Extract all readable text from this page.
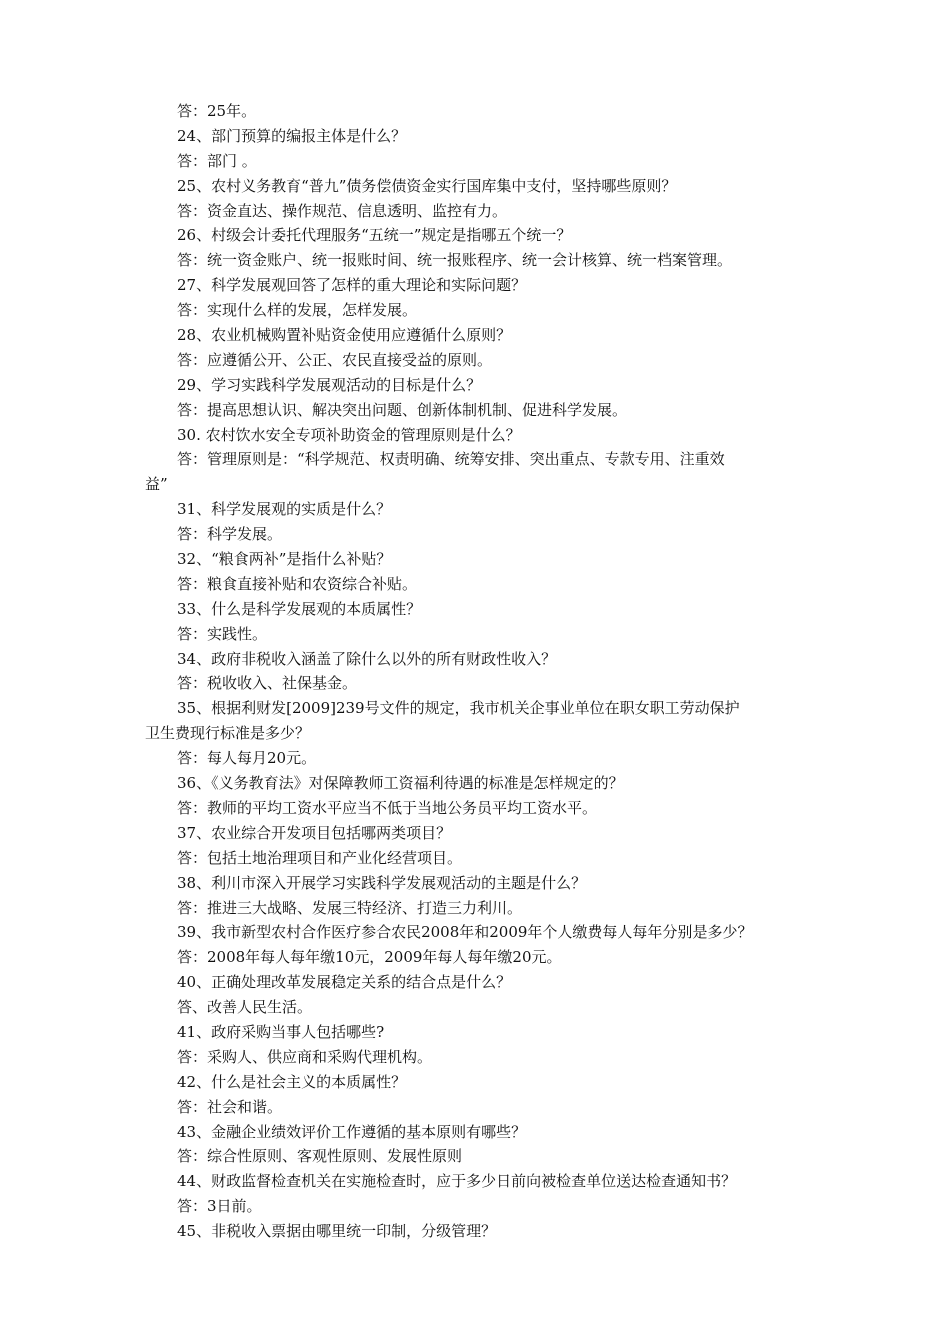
答：25年。
24、部门预算的编报主体是什么？
答：部门 。
25、农村义务教育“普九”债务偿债资金实行国库集中支付，坚持哪些原则？
答：资金直达、操作规范、信息透明、监控有力。
26、村级会计委托代理服务“五统一”规定是指哪五个统一？
答：统一资金账户、统一报账时间、统一报账程序、统一会计核算、统一档案管理。
27、科学发展观回答了怎样的重大理论和实际问题？
答：实现什么样的发展，怎样发展。
28、农业机械购置补贴资金使用应遵循什么原则？
答：应遵循公开、公正、农民直接受益的原则。
29、学习实践科学发展观活动的目标是什么？
答：提高思想认识、解决突出问题、创新体制机制、促进科学发展。
30. 农村饮水安全专项补助资金的管理原则是什么？
答：管理原则是：“科学规范、权责明确、统筹安排、突出重点、专款专用、注重效
益”
31、科学发展观的实质是什么？
答：科学发展。
32、“粮食两补”是指什么补贴？
答：粮食直接补贴和农资综合补贴。
33、什么是科学发展观的本质属性？
答：实践性。
34、政府非税收入涵盖了除什么以外的所有财政性收入？
答：税收收入、社保基金。
35、根据利财发[2009]239号文件的规定，我市机关企事业单位在职女职工劳动保护
卫生费现行标准是多少？
答：每人每月20元。
36、《义务教育法》对保障教师工资福利待遇的标准是怎样规定的？
答：教师的平均工资水平应当不低于当地公务员平均工资水平。
37、农业综合开发项目包括哪两类项目？
答：包括土地治理项目和产业化经营项目。
38、利川市深入开展学习实践科学发展观活动的主题是什么？
答：推进三大战略、发展三特经济、打造三力利川。
39、我市新型农村合作医疗参合农民2008年和2009年个人缴费每人每年分别是多少？
答：2008年每人每年缴10元，2009年每人每年缴20元。
40、正确处理改革发展稳定关系的结合点是什么？
答、改善人民生活。
41、政府采购当事人包括哪些?
答：采购人、供应商和采购代理机构。
42、什么是社会主义的本质属性？
答：社会和谐。
43、金融企业绩效评价工作遵循的基本原则有哪些？
答：综合性原则、客观性原则、发展性原则
44、财政监督检查机关在实施检查时，应于多少日前向被检查单位送达检查通知书？
答：3日前。
45、非税收入票据由哪里统一印制，分级管理？
